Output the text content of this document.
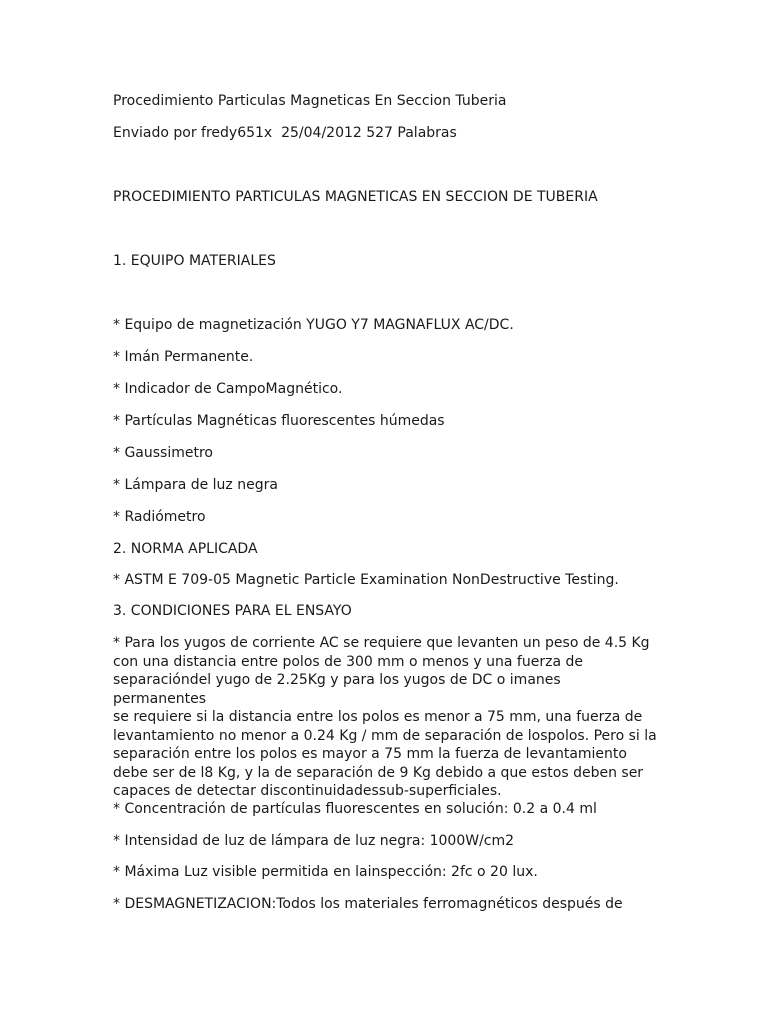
Procedimiento Particulas Magneticas En Seccion Tuberia

Enviado por fredy651x  25/04/2012 527 Palabras

PROCEDIMIENTO PARTICULAS MAGNETICAS EN SECCION DE TUBERIA

1. EQUIPO MATERIALES

* Equipo de magnetización YUGO Y7 MAGNAFLUX AC/DC.

* Imán Permanente.

* Indicador de CampoMagnético.

* Partículas Magnéticas fluorescentes húmedas

* Gaussimetro

* Lámpara de luz negra

* Radiómetro

2. NORMA APLICADA

* ASTM E 709-05 Magnetic Particle Examination NonDestructive Testing.

3. CONDICIONES PARA EL ENSAYO

* Para los yugos de corriente AC se requiere que levanten un peso de 4.5 Kg
con una distancia entre polos de 300 mm o menos y una fuerza de
separacióndel yugo de 2.25Kg y para los yugos de DC o imanes permanentes
se requiere si la distancia entre los polos es menor a 75 mm, una fuerza de
levantamiento no menor a 0.24 Kg / mm de separación de lospolos. Pero si la
separación entre los polos es mayor a 75 mm la fuerza de levantamiento
debe ser de l8 Kg, y la de separación de 9 Kg debido a que estos deben ser
capaces de detectar discontinuidadessub-superficiales.

* Concentración de partículas fluorescentes en solución: 0.2 a 0.4 ml

* Intensidad de luz de lámpara de luz negra: 1000W/cm2

* Máxima Luz visible permitida en lainspección: 2fc o 20 lux.

* DESMAGNETIZACION:Todos los materiales ferromagnéticos después de
